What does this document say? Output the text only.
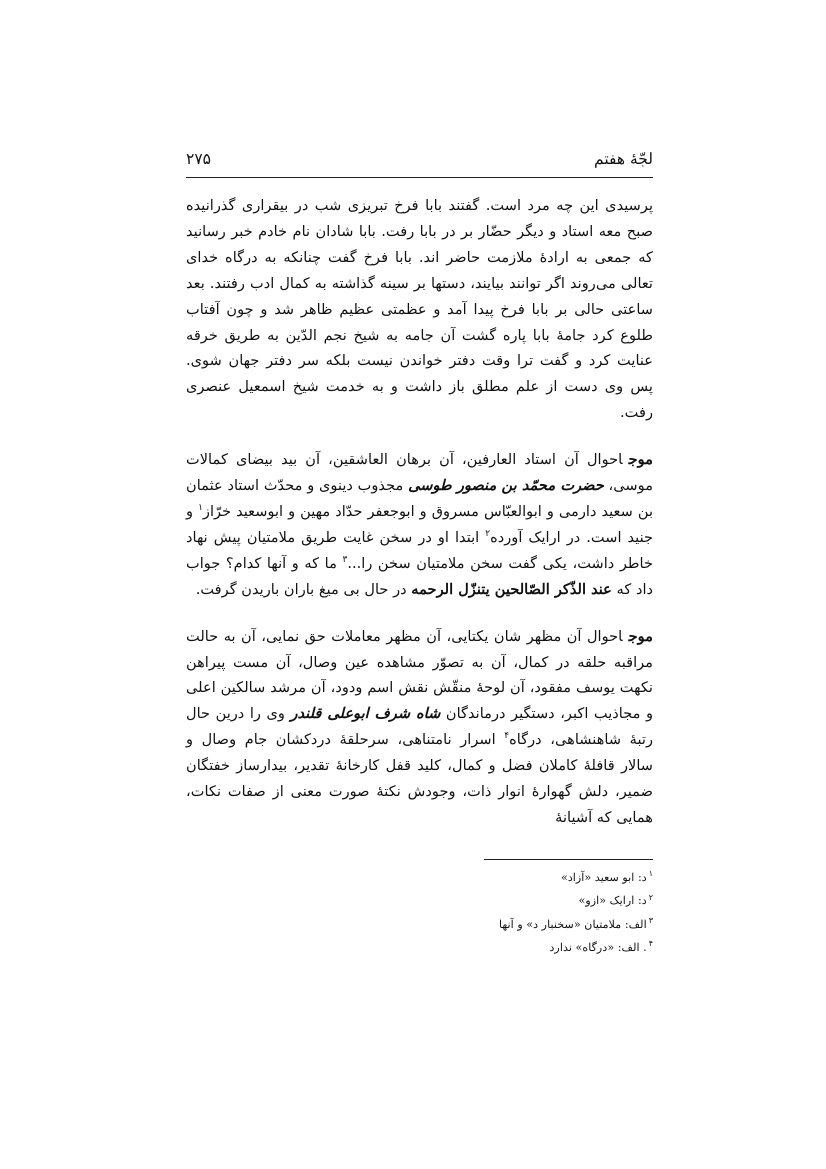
لجّهٔ هفتم
۲۷۵

پرسیدی این چه مرد است. گفتند بابا فرخ تبریزی شب در بیقراری گذرانیده صبح معه استاد و دیگر حضّار بر در بابا رفت. بابا شادان نام خادم خبر رسانید که جمعی به ارادهٔ ملازمت حاضر اند. بابا فرخ گفت چنانکه به درگاه خدای تعالی می‌روند اگر توانند بیایند، دستها بر سینه گذاشته به کمال ادب رفتند. بعد ساعتی حالی بر بابا فرخ پیدا آمد و عظمتی عظیم ظاهر شد و چون آفتاب طلوع کرد جامهٔ بابا پاره گشت آن جامه به شیخ نجم الدّین به طریق خرقه عنایت کرد و گفت ترا وقت دفتر خواندن نیست بلکه سر دفتر جهان شوی. پس وی دست از علم مطلق باز داشت و به خدمت شیخ اسمعیل عنصری رفت.

موجاحوال آن استاد العارفین، آن برهان العاشقین، آن بید بیضای کمالات موسی، حضرت محمّد بن منصور طوسی مجذوب دینوی و محدّث استاد عثمان بن سعید دارمی و ابوالعبّاس مسروق و ابوجعفر حدّاد مهین و ابوسعید خرّاز$^۱$ و جنید است. در ارایک آورده$^۲$ ابتدا او در سخن غایت طریق ملامتیان پیش نهاد خاطر داشت، یکی گفت سخن ملامتیان سخن را...$^۳$ ما که و آنها کدام؟ جواب داد که عند الذّکر الصّالحین یتنزّل الرحمه در حال بی میغ باران باریدن گرفت.

موجاحوال آن مظهر شان یکتایی، آن مظهر معاملات حق نمایی، آن به حالت مراقبه حلقه در کمال، آن به تصوّر مشاهده عین وصال، آن مست پیراهن نکهت یوسف مفقود، آن لوحهٔ منقّش نقش اسم ودود، آن مرشد سالکین اعلی و مجاذیب اکبر، دستگیر درماندگان شاه شرف ابوعلی قلندر وی را درین حال رتبهٔ شاهنشاهی، درگاه$^۴$ اسرار نامتناهی، سرحلقهٔ دردکشان جام وصال و سالار قافلهٔ کاملان فضل و کمال، کلید قفل کارخانهٔ تقدیر، بیدارساز خفتگان ضمیر، دلش گهوارهٔ انوار ذات، وجودش نکتهٔ صورت معنی از صفات نکات، همایی که آشیانهٔ

$^۱$د: ابو سعید «آزاد»

$^۲$د: ارایک «ازو»

$^۳$الف: ملامتیان «سخنبار د» و آنها

$^۴$. الف: «درگاه» ندارد
